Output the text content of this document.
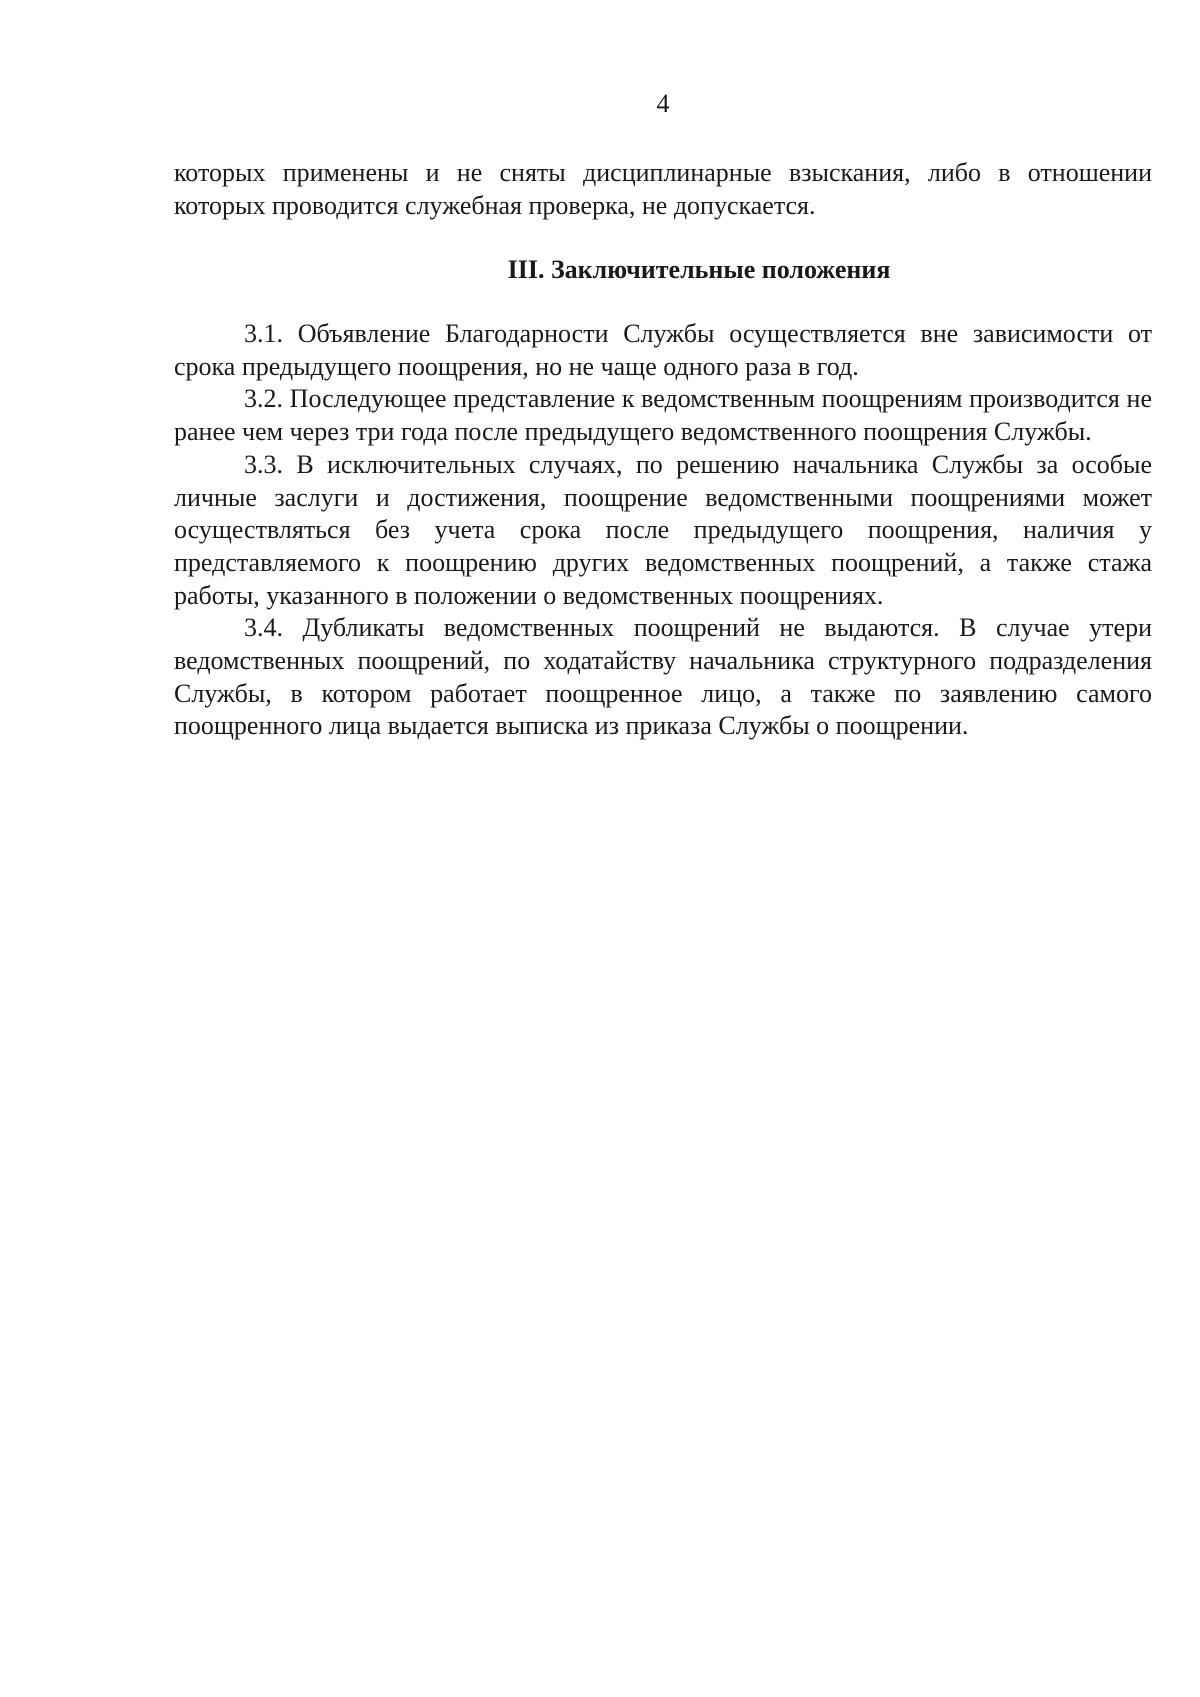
4

которых применены и не сняты дисциплинарные взыскания, либо в отношении которых проводится служебная проверка, не допускается.

III. Заключительные положения

3.1. Объявление Благодарности Службы осуществляется вне зависимости от срока предыдущего поощрения, но не чаще одного раза в год.

3.2. Последующее представление к ведомственным поощрениям производится не ранее чем через три года после предыдущего ведомственного поощрения Службы.

3.3. В исключительных случаях, по решению начальника Службы за особые личные заслуги и достижения, поощрение ведомственными поощрениями может осуществляться без учета срока после предыдущего поощрения, наличия у представляемого к поощрению других ведомственных поощрений, а также стажа работы, указанного в положении о ведомственных поощрениях.

3.4. Дубликаты ведомственных поощрений не выдаются. В случае утери ведомственных поощрений, по ходатайству начальника структурного подразделения Службы, в котором работает поощренное лицо, а также по заявлению самого поощренного лица выдается выписка из приказа Службы о поощрении.
